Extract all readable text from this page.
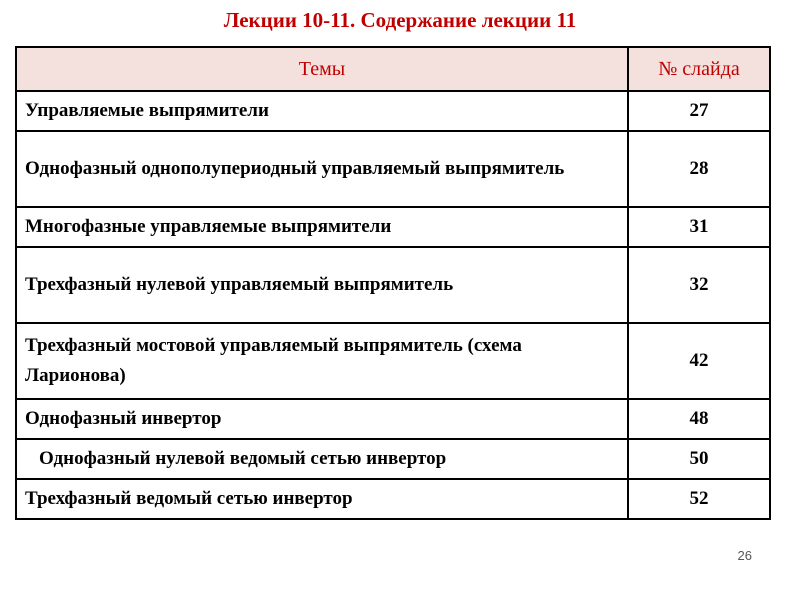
Лекции 10-11. Содержание лекции 11
Темы	№ слайда
Управляемые выпрямители	27
Однофазный однополупериодный управляемый выпрямитель	28
Многофазные управляемые выпрямители	31
Трехфазный нулевой управляемый выпрямитель	32
Трехфазный мостовой управляемый выпрямитель (схема Ларионова)	42
Однофазный инвертор	48
Однофазный нулевой ведомый сетью инвертор	50
Трехфазный ведомый сетью инвертор	52
26
